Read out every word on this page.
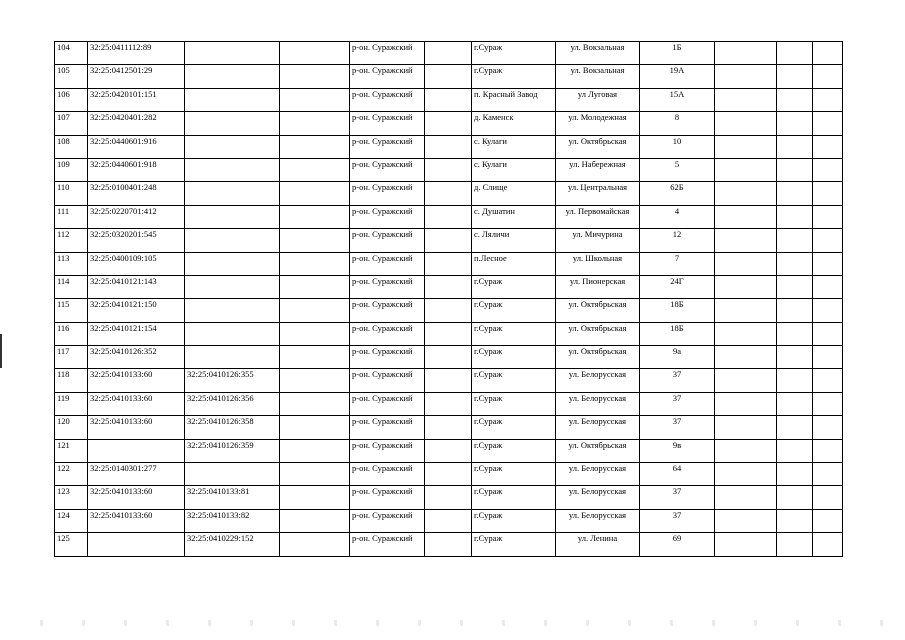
104	32:25:0411112:89			р-он. Суражский		г.Сураж	ул. Вокзальная	1Б			
105	32:25:0412501:29			р-он. Суражский		г.Сураж	ул. Вокзальная	19А			
106	32:25:0420101:151			р-он. Суражский		п. Красный Завод	ул Луговая	15А			
107	32:25:0420401:282			р-он. Суражский		д. Каменск	ул. Молодежная	8			
108	32:25:0440601:916			р-он. Суражский		с. Кулаги	ул. Октябрьская	10			
109	32:25:0440601:918			р-он. Суражский		с. Кулаги	ул. Набережная	5			
110	32:25:0100401:248			р-он. Суражский		д. Слище	ул. Центральная	62Б			
111	32:25:0220701:412			р-он. Суражский		с. Душатин	ул. Первомайская	4			
112	32:25:0320201:545			р-он. Суражский		с. Ляличи	ул. Мичурина	12			
113	32:25:0400109:105			р-он. Суражский		п.Лесное	ул. Школьная	7			
114	32:25:0410121:143			р-он. Суражский		г.Сураж	ул. Пионерская	24Г			
115	32:25:0410121:150			р-он. Суражский		г.Сураж	ул. Октябрьская	18Б			
116	32:25:0410121:154			р-он. Суражский		г.Сураж	ул. Октябрьская	18Б			
117	32:25:0410126:352			р-он. Суражский		г.Сураж	ул. Октябрьская	9а			
118	32:25:0410133:60	32:25:0410126:355		р-он. Суражский		г.Сураж	ул. Белорусская	37			
119	32:25:0410133:60	32:25:0410126:356		р-он. Суражский		г.Сураж	ул. Белорусская	37			
120	32:25:0410133:60	32:25:0410126:358		р-он. Суражский		г.Сураж	ул. Белорусская	37			
121		32:25:0410126:359		р-он. Суражский		г.Сураж	ул. Октябрьская	9в			
122	32:25:0140301:277			р-он. Суражский		г.Сураж	ул. Белорусская	64			
123	32:25:0410133:60	32:25:0410133:81		р-он. Суражский		г.Сураж	ул. Белорусская	37			
124	32:25:0410133:60	32:25:0410133:82		р-он. Суражский		г.Сураж	ул. Белорусская	37			
125		32:25:0410229:152		р-он. Суражский		г.Сураж	ул. Ленина	69			
